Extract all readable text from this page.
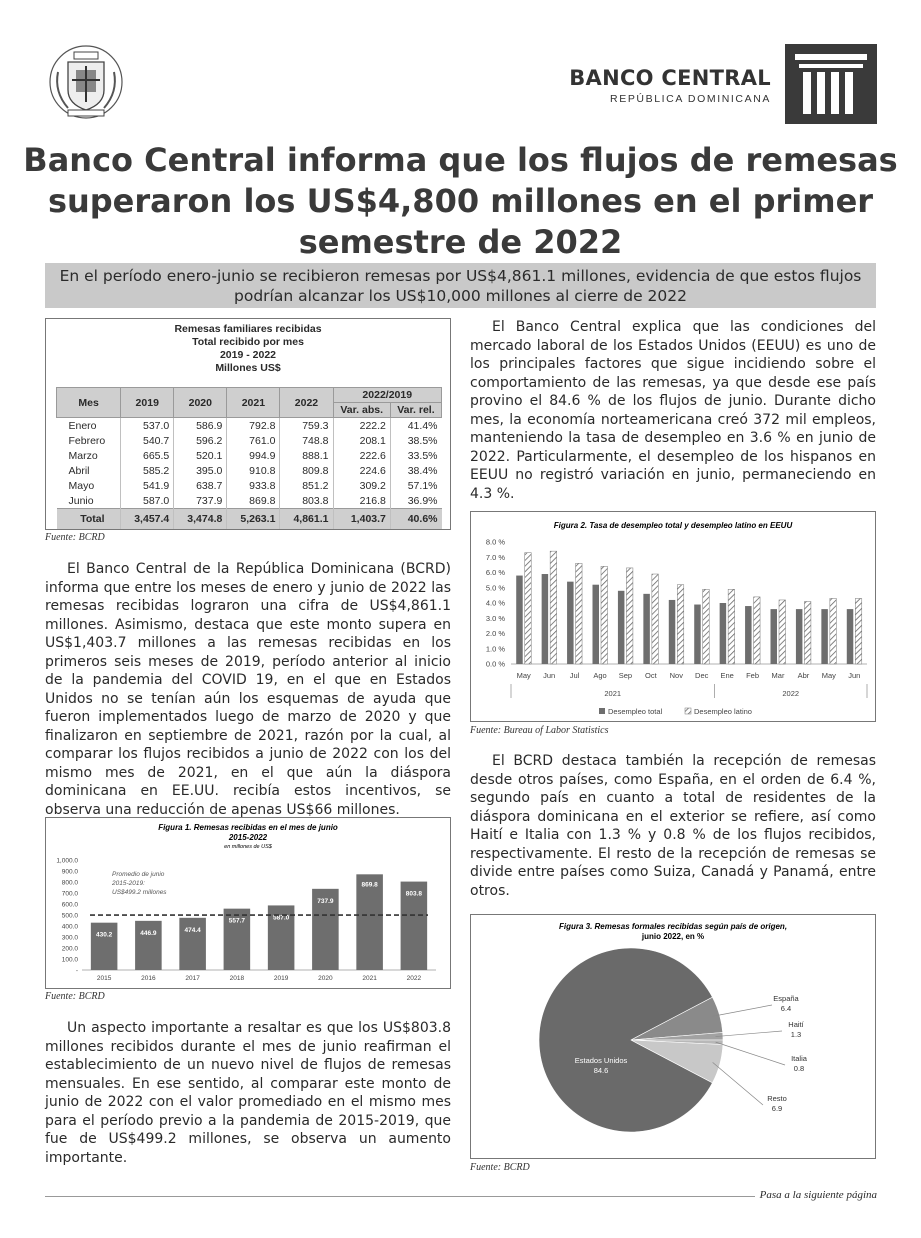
BANCO CENTRAL
REPÚBLICA DOMINICANA
Banco Central informa que los flujos de remesas superaron los US$4,800 millones en el primer semestre de 2022
En el período enero-junio se recibieron remesas por US$4,861.1 millones, evidencia de que estos flujos podrían alcanzar los US$10,000 millones al cierre de 2022
Remesas familiares recibidas
Total recibido por mes
2019 - 2022
Millones US$
Mes	2019	2020	2021	2022	2022/2019	
					Var. abs.	Var. rel.
Enero	537.0	586.9	792.8	759.3	222.2	41.4%
Febrero	540.7	596.2	761.0	748.8	208.1	38.5%
Marzo	665.5	520.1	994.9	888.1	222.6	33.5%
Abril	585.2	395.0	910.8	809.8	224.6	38.4%
Mayo	541.9	638.7	933.8	851.2	309.2	57.1%
Junio	587.0	737.9	869.8	803.8	216.8	36.9%
Total	3,457.4	3,474.8	5,263.1	4,861.1	1,403.7	40.6%
Fuente: BCRD
El Banco Central de la República Dominicana (BCRD) informa que entre los meses de enero y junio de 2022 las remesas recibidas lograron una cifra de US$4,861.1 millones. Asimismo, destaca que este monto supera en US$1,403.7 millones a las remesas recibidas en los primeros seis meses de 2019, período anterior al inicio de la pandemia del COVID 19, en el que en Estados Unidos no se tenían aún los esquemas de ayuda que fueron implementados luego de marzo de 2020 y que finalizaron en septiembre de 2021, razón por la cual, al comparar los flujos recibidos a junio de 2022 con los del mismo mes de 2021, en el que aún la diáspora dominicana en EE.UU. recibía estos incentivos, se observa una reducción de apenas US$66 millones.
Figura 1. Remesas recibidas en el mes de junio
2015-2022
en millones de US$
1,000.0
900.0
800.0
700.0
600.0
500.0
400.0
300.0
200.0
100.0
-
430.2
2015
446.9
2016
474.4
2017
557.7
2018
587.0
2019
737.9
2020
869.8
2021
803.8
2022
Promedio de junio
2015-2019:
US$499.2 millones
Fuente: BCRD
Un aspecto importante a resaltar es que los US$803.8 millones recibidos durante el mes de junio reafirman el establecimiento de un nuevo nivel de flujos de remesas mensuales. En ese sentido, al comparar este monto de junio de 2022 con el valor promediado en el mismo mes para el período previo a la pandemia de 2015-2019, que fue de US$499.2 millones, se observa un aumento importante.
El Banco Central explica que las condiciones del mercado laboral de los Estados Unidos (EEUU) es uno de los principales factores que sigue incidiendo sobre el comportamiento de las remesas, ya que desde ese país provino el 84.6 % de los flujos de junio. Durante dicho mes, la economía norteamericana creó 372 mil empleos, manteniendo la tasa de desempleo en 3.6 % en junio de 2022. Particularmente, el desempleo de los hispanos en EEUU no registró variación en junio, permaneciendo en 4.3 %.
Figura 2. Tasa de desempleo total y desempleo latino en EEUU
8.0 %
7.0 %
6.0 %
5.0 %
4.0 %
3.0 %
2.0 %
1.0 %
0.0 %
May Jun Jul Ago Sep Oct Nov Dec Ene Feb Mar Abr May Jun
2021	2022
Desempleo total	Desempleo latino
Fuente: Bureau of Labor Statistics
El BCRD destaca también la recepción de remesas desde otros países, como España, en el orden de 6.4 %, segundo país en cuanto a total de residentes de la diáspora dominicana en el exterior se refiere, así como Haití e Italia con 1.3 % y 0.8 % de los flujos recibidos, respectivamente. El resto de la recepción de remesas se divide entre países como Suiza, Canadá y Panamá, entre otros.
Figura 3. Remesas formales recibidas según país de origen,
junio 2022, en %
Estados Unidos
84.6
España
6.4
Haití
1.3
Italia
0.8
Resto
6.9
Fuente: BCRD
Pasa a la siguiente página
